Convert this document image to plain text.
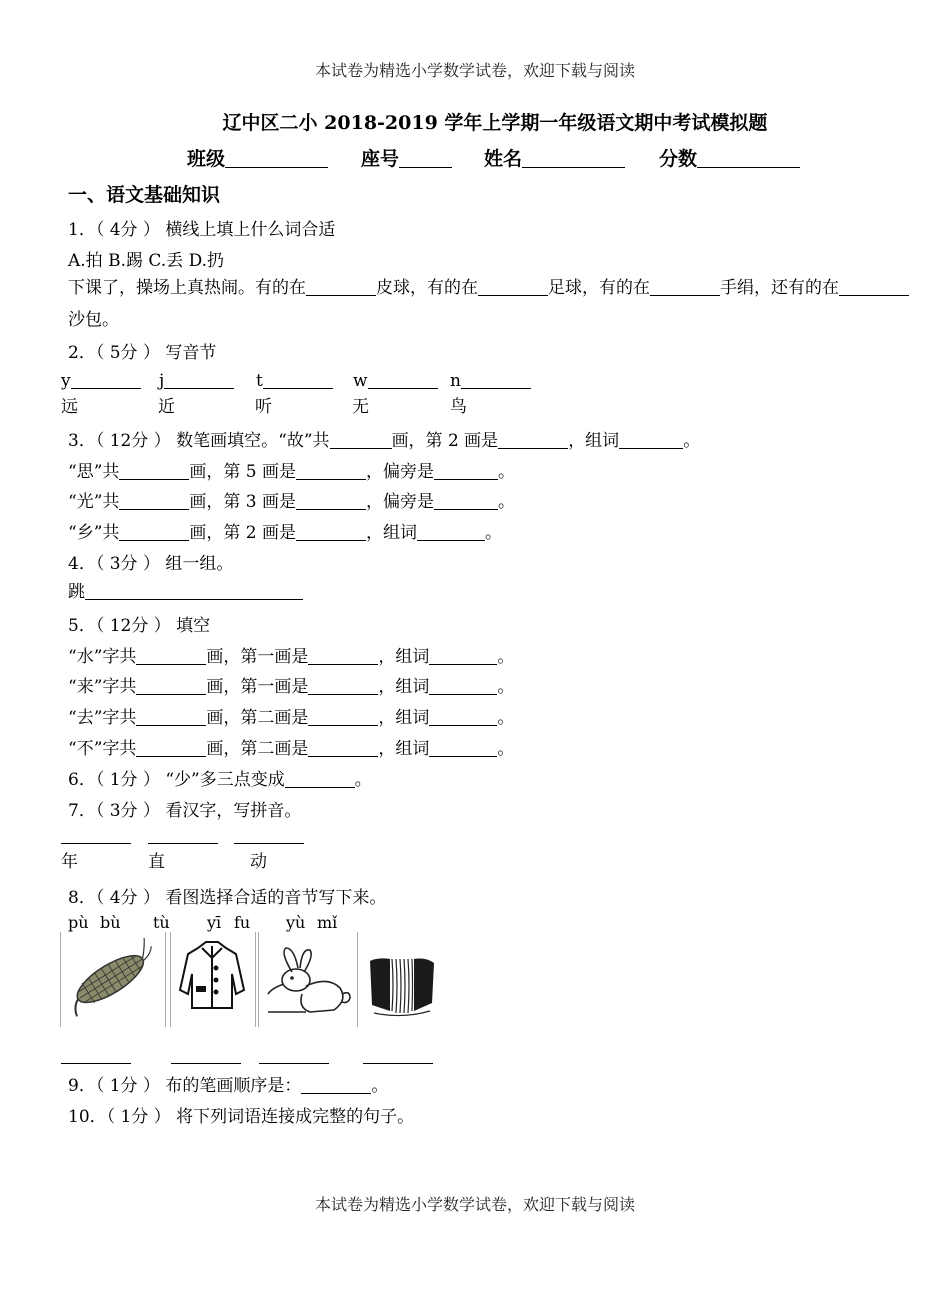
本试卷为精选小学数学试卷，欢迎下载与阅读
辽中区二小 2018-2019 学年上学期一年级语文期中考试模拟题
班级	座号	姓名	分数
一、语文基础知识
1．（ 4分 ） 横线上填上什么词合适
A.拍 B.踢 C.丢 D.扔
下课了，操场上真热闹。有的在	皮球，有的在	足球，有的在	手绢，还有的在
沙包。
2．（ 5分 ） 写音节
y	j	t	w	n
远	近	听	无	鸟
3．（ 12分 ） 数笔画填空。“故”共	画，第 2 画是	，组词	。
“思”共	画，第 5 画是	，偏旁是	。
“光”共	画，第 3 画是	，偏旁是	。
“乡”共	画，第 2 画是	，组词	。
4．（ 3分 ） 组一组。
跳
5．（ 12分 ） 填空
“水”字共	画，第一画是	，组词	。
“来”字共	画，第一画是	，组词	。
“去”字共	画，第二画是	，组词	。
“不”字共	画，第二画是	，组词	。
6．（ 1分 ） “少”多三点变成	。
7．（ 3分 ） 看汉字，写拼音。
年	直	动
8．（ 4分 ） 看图选择合适的音节写下来。
pù bù tù yī fu yù mǐ
9．（ 1分 ） 布的笔画顺序是：	。
10．（ 1分 ） 将下列词语连接成完整的句子。
本试卷为精选小学数学试卷，欢迎下载与阅读
